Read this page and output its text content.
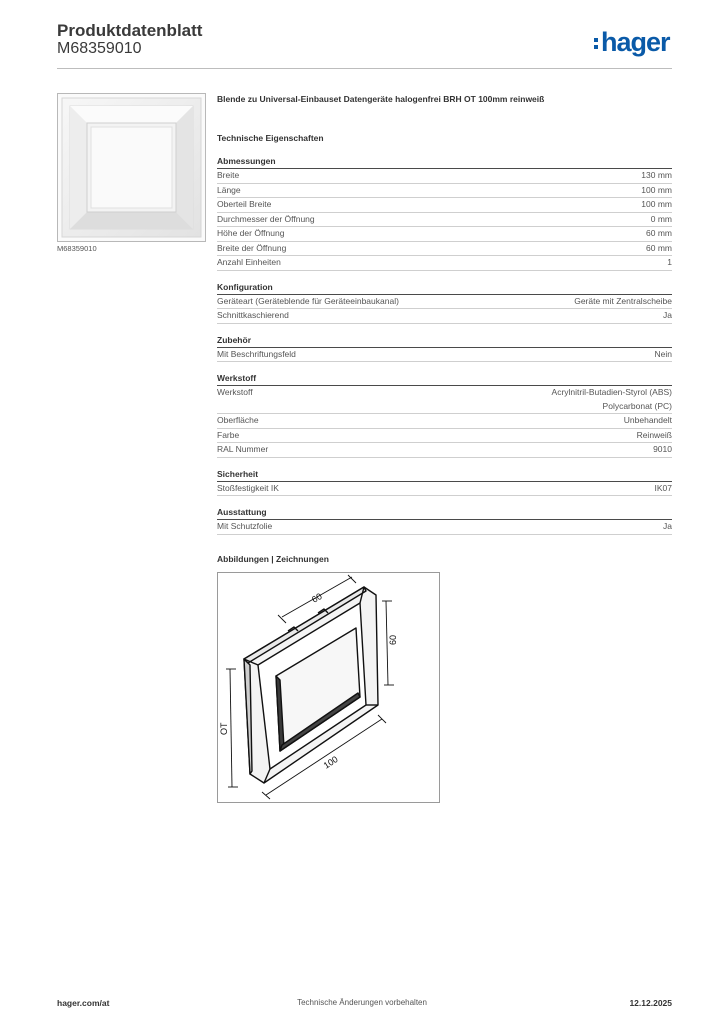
Produktdatenblatt
M68359010	hager
M68359010
Blende zu Universal-Einbauset Datengeräte halogenfrei BRH OT 100mm reinweiß
Technische Eigenschaften
Abmessungen
Breite	130 mm
Länge	100 mm
Oberteil Breite	100 mm
Durchmesser der Öffnung	0 mm
Höhe der Öffnung	60 mm
Breite der Öffnung	60 mm
Anzahl Einheiten	1
Konfiguration
Geräteart (Geräteblende für Geräteeinbaukanal)	Geräte mit Zentralscheibe
Schnittkaschierend	Ja
Zubehör
Mit Beschriftungsfeld	Nein
Werkstoff
Werkstoff	Acrylnitril-Butadien-Styrol (ABS)
Polycarbonat (PC)
Oberfläche	Unbehandelt
Farbe	Reinweiß
RAL Nummer	9010
Sicherheit
Stoßfestigkeit IK	IK07
Ausstattung
Mit Schutzfolie	Ja
Abbildungen | Zeichnungen
60
60
OT
100
Technische Änderungen vorbehalten
hager.com/at	12.12.2025
